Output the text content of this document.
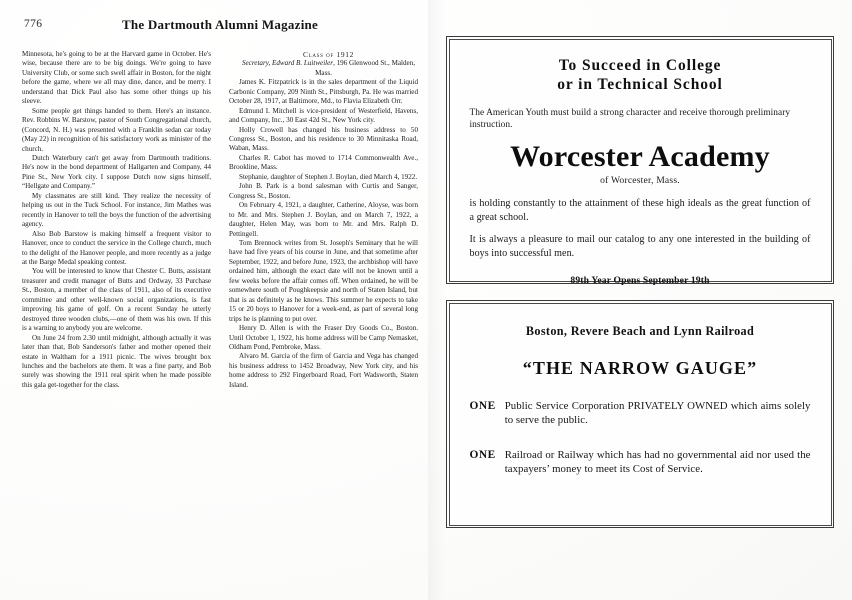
776	The Dartmouth Alumni Magazine

Minnesota, he's going to be at the Harvard game in October. He's wise, because there are to be big doings. We're going to have University Club, or some such swell affair in Boston, for the night before the game, where we all may dine, dance, and be merry. I understand that Dick Paul also has some other things up his sleeve.

Some people get things handed to them. Here's an instance. Rev. Robbins W. Barstow, pastor of South Congregational church, (Concord, N. H.) was presented with a Franklin sedan car today (May 22) in recognition of his satisfactory work as minister of the church.

Dutch Waterbury can't get away from Dartmouth traditions. He's now in the bond department of Hallgarten and Company, 44 Pine St., New York city. I suppose Dutch now signs himself, “Hellgate and Company.”

My classmates are still kind. They realize the necessity of helping us out in the Tuck School. For instance, Jim Mathes was recently in Hanover to tell the boys the function of the advertising agency.

Also Bob Barstow is making himself a frequent visitor to Hanover, once to conduct the service in the College church, much to the delight of the Hanover people, and more recently as a judge at the Barge Medal speaking contest.

You will be interested to know that Chester C. Butts, assistant treasurer and credit manager of Butts and Ordway, 33 Purchase St., Boston, a member of the class of 1911, also of its executive committee and other well-known social organizations, is fast improving his game of golf. On a recent Sunday he utterly destroyed three wooden clubs,—one of them was his own. If this is a warning to anybody you are welcome.

On June 24 from 2.30 until midnight, although actually it was later than that, Bob Sanderson's father and mother opened their estate in Waltham for a 1911 picnic. The wives brought box lunches and the bachelors ate them. It was a fine party, and Bob surely was showing the 1911 real spirit when he made possible this gala get-together for the class.

Class of 1912

Secretary, Edward B. Luitweiler, 196 Glenwood St., Malden, Mass.

James K. Fitzpatrick is in the sales department of the Liquid Carbonic Company, 209 Ninth St., Pittsburgh, Pa. He was married October 28, 1917, at Baltimore, Md., to Flavia Elizabeth Orr.

Edmund I. Mitchell is vice-president of Westerfield, Havens, and Company, Inc., 30 East 42d St., New York city.

Holly Crowell has changed his business address to 50 Congress St., Boston, and his residence to 30 Minnitaska Road, Waban, Mass.

Charles R. Cabot has moved to 1714 Commonwealth Ave., Brookline, Mass.

Stephanie, daughter of Stephen J. Boylan, died March 4, 1922.

John B. Park is a bond salesman with Curtis and Sanger, Congress St., Boston.

On February 4, 1921, a daughter, Catherine, Aloyse, was born to Mr. and Mrs. Stephen J. Boylan, and on March 7, 1922, a daughter, Helen May, was born to Mr. and Mrs. Ralph D. Pettingell.

Tom Brennock writes from St. Joseph's Seminary that he will have had five years of his course in June, and that sometime after September, 1922, and before June, 1923, the archbishop will have ordained him, although the exact date will not be known until a few weeks before the affair comes off. When ordained, he will be somewhere south of Poughkeepsie and north of Staten Island, but that is as definitely as he knows. This summer he expects to take 15 or 20 boys to Hanover for a week-end, as part of several long trips he is planning to put over.

Henry D. Allen is with the Fraser Dry Goods Co., Boston. Until October 1, 1922, his home address will be Camp Nemasket, Oldham Pond, Pembroke, Mass.

Alvaro M. Garcia of the firm of Garcia and Vega has changed his business address to 1452 Broadway, New York city, and his home address to 292 Fingerboard Road, Fort Wadsworth, Staten Island.

To Succeed in College
or in Technical School

The American Youth must build a strong character and receive thorough preliminary instruction.

Worcester Academy
of Worcester, Mass.

is holding constantly to the attainment of these high ideals as the great function of a great school.

It is always a pleasure to mail our catalog to any one interested in the building of boys into successful men.

89th Year Opens September 19th
Boston, Revere Beach and Lynn Railroad
“THE NARROW GAUGE”
ONE Public Service Corporation PRIVATELY OWNED which aims solely to serve the public.
ONE Railroad or Railway which has had no governmental aid nor used the taxpayers’ money to meet its Cost of Service.
